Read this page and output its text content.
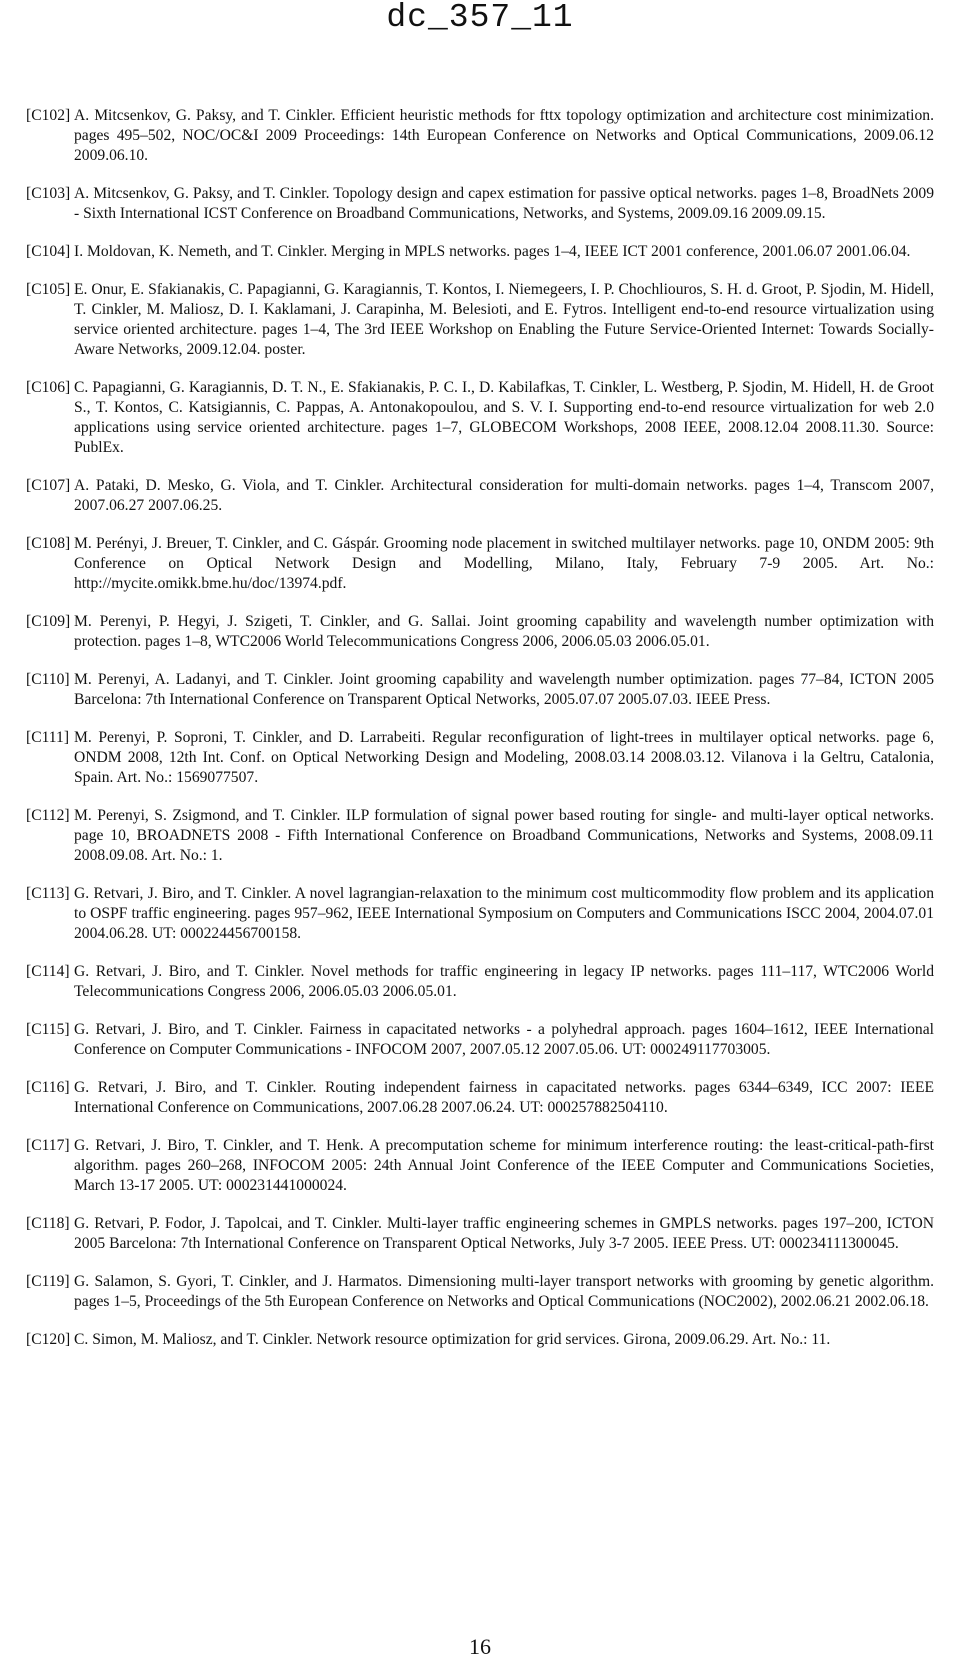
dc_357_11
[C102] A. Mitcsenkov, G. Paksy, and T. Cinkler. Efficient heuristic methods for fttx topology optimization and architecture cost minimization. pages 495–502, NOC/OC&I 2009 Proceedings: 14th European Conference on Networks and Optical Communications, 2009.06.12 2009.06.10.
[C103] A. Mitcsenkov, G. Paksy, and T. Cinkler. Topology design and capex estimation for passive optical networks. pages 1–8, BroadNets 2009 - Sixth International ICST Conference on Broadband Communications, Networks, and Systems, 2009.09.16 2009.09.15.
[C104] I. Moldovan, K. Nemeth, and T. Cinkler. Merging in MPLS networks. pages 1–4, IEEE ICT 2001 conference, 2001.06.07 2001.06.04.
[C105] E. Onur, E. Sfakianakis, C. Papagianni, G. Karagiannis, T. Kontos, I. Niemegeers, I. P. Chochliouros, S. H. d. Groot, P. Sjodin, M. Hidell, T. Cinkler, M. Maliosz, D. I. Kaklamani, J. Carapinha, M. Belesioti, and E. Fytros. Intelligent end-to-end resource virtualization using service oriented architecture. pages 1–4, The 3rd IEEE Workshop on Enabling the Future Service-Oriented Internet: Towards Socially-Aware Networks, 2009.12.04. poster.
[C106] C. Papagianni, G. Karagiannis, D. T. N., E. Sfakianakis, P. C. I., D. Kabilafkas, T. Cinkler, L. Westberg, P. Sjodin, M. Hidell, H. de Groot S., T. Kontos, C. Katsigiannis, C. Pappas, A. Antonakopoulou, and S. V. I. Supporting end-to-end resource virtualization for web 2.0 applications using service oriented architecture. pages 1–7, GLOBECOM Workshops, 2008 IEEE, 2008.12.04 2008.11.30. Source: PublEx.
[C107] A. Pataki, D. Mesko, G. Viola, and T. Cinkler. Architectural consideration for multi-domain networks. pages 1–4, Transcom 2007, 2007.06.27 2007.06.25.
[C108] M. Perényi, J. Breuer, T. Cinkler, and C. Gáspár. Grooming node placement in switched multilayer networks. page 10, ONDM 2005: 9th Conference on Optical Network Design and Modelling, Milano, Italy, February 7-9 2005. Art. No.: http://mycite.omikk.bme.hu/doc/13974.pdf.
[C109] M. Perenyi, P. Hegyi, J. Szigeti, T. Cinkler, and G. Sallai. Joint grooming capability and wavelength number optimization with protection. pages 1–8, WTC2006 World Telecommunications Congress 2006, 2006.05.03 2006.05.01.
[C110] M. Perenyi, A. Ladanyi, and T. Cinkler. Joint grooming capability and wavelength number optimization. pages 77–84, ICTON 2005 Barcelona: 7th International Conference on Transparent Optical Networks, 2005.07.07 2005.07.03. IEEE Press.
[C111] M. Perenyi, P. Soproni, T. Cinkler, and D. Larrabeiti. Regular reconfiguration of light-trees in multilayer optical networks. page 6, ONDM 2008, 12th Int. Conf. on Optical Networking Design and Modeling, 2008.03.14 2008.03.12. Vilanova i la Geltru, Catalonia, Spain. Art. No.: 1569077507.
[C112] M. Perenyi, S. Zsigmond, and T. Cinkler. ILP formulation of signal power based routing for single- and multi-layer optical networks. page 10, BROADNETS 2008 - Fifth International Conference on Broadband Communications, Networks and Systems, 2008.09.11 2008.09.08. Art. No.: 1.
[C113] G. Retvari, J. Biro, and T. Cinkler. A novel lagrangian-relaxation to the minimum cost multicommodity flow problem and its application to OSPF traffic engineering. pages 957–962, IEEE International Symposium on Computers and Communications ISCC 2004, 2004.07.01 2004.06.28. UT: 000224456700158.
[C114] G. Retvari, J. Biro, and T. Cinkler. Novel methods for traffic engineering in legacy IP networks. pages 111–117, WTC2006 World Telecommunications Congress 2006, 2006.05.03 2006.05.01.
[C115] G. Retvari, J. Biro, and T. Cinkler. Fairness in capacitated networks - a polyhedral approach. pages 1604–1612, IEEE International Conference on Computer Communications - INFOCOM 2007, 2007.05.12 2007.05.06. UT: 000249117703005.
[C116] G. Retvari, J. Biro, and T. Cinkler. Routing independent fairness in capacitated networks. pages 6344–6349, ICC 2007: IEEE International Conference on Communications, 2007.06.28 2007.06.24. UT: 000257882504110.
[C117] G. Retvari, J. Biro, T. Cinkler, and T. Henk. A precomputation scheme for minimum interference routing: the least-critical-path-first algorithm. pages 260–268, INFOCOM 2005: 24th Annual Joint Conference of the IEEE Computer and Communications Societies, March 13-17 2005. UT: 000231441000024.
[C118] G. Retvari, P. Fodor, J. Tapolcai, and T. Cinkler. Multi-layer traffic engineering schemes in GMPLS networks. pages 197–200, ICTON 2005 Barcelona: 7th International Conference on Transparent Optical Networks, July 3-7 2005. IEEE Press. UT: 000234111300045.
[C119] G. Salamon, S. Gyori, T. Cinkler, and J. Harmatos. Dimensioning multi-layer transport networks with grooming by genetic algorithm. pages 1–5, Proceedings of the 5th European Conference on Networks and Optical Communications (NOC2002), 2002.06.21 2002.06.18.
[C120] C. Simon, M. Maliosz, and T. Cinkler. Network resource optimization for grid services. Girona, 2009.06.29. Art. No.: 11.
16
